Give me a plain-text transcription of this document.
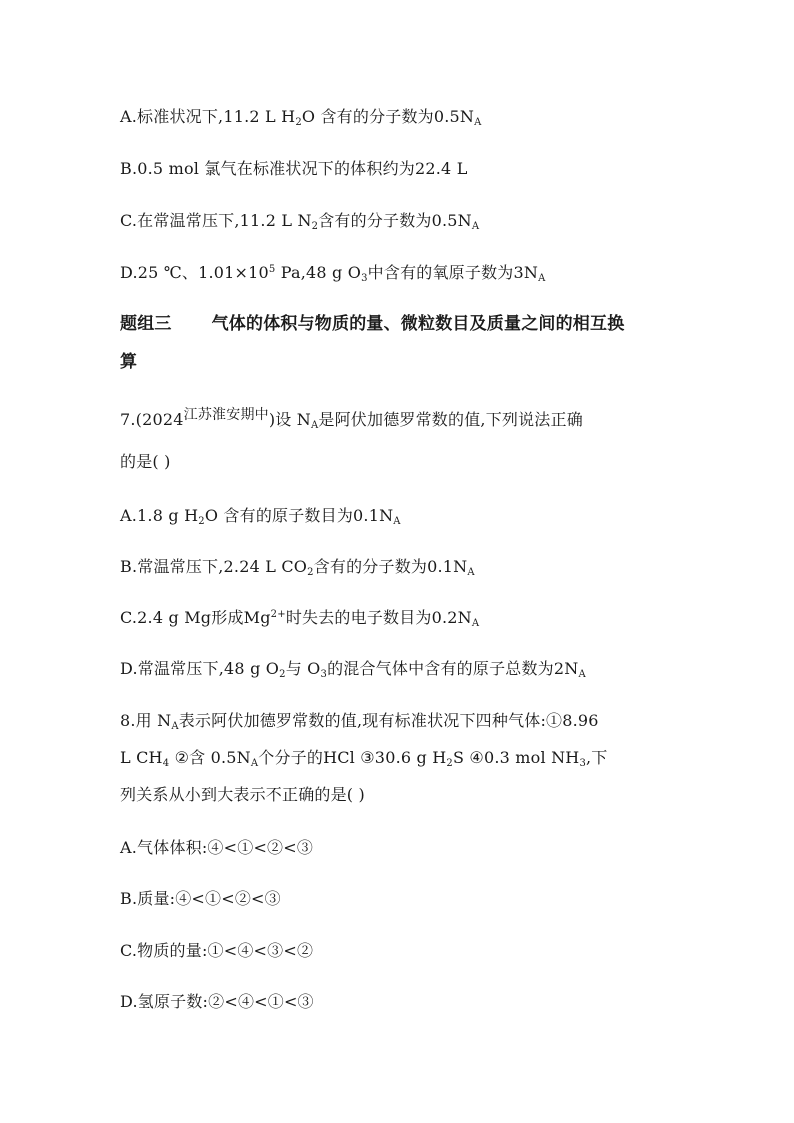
A.标准状况下,11.2 L $H_2O$ 含有的分子数为$0.5N_A$
B.0.5 mol 氯气在标准状况下的体积约为22.4 L
C.在常温常压下,11.2 L $N_2$含有的分子数为$0.5N_A$
D.25 ℃、$1.01\times 10^5$ Pa,48 g $O_3$中含有的氧原子数为$3N_A$
题组三 气体的体积与物质的量、微粒数目及质量之间的相互换
算
7.(2024江苏淮安期中)设 $N_A$是阿伏加德罗常数的值,下列说法正确
的是( )
A.1.8 g $H_2O$ 含有的原子数目为$0.1N_A$
B.常温常压下,2.24 L $CO_2$含有的分子数为$0.1N_A$
C.2.4 g Mg形成$Mg^{2+}$时失去的电子数目为$0.2N_A$
D.常温常压下,48 g $O_2$与 $O_3$的混合气体中含有的原子总数为$2N_A$
8.用 $N_A$表示阿伏加德罗常数的值,现有标准状况下四种气体:①8.96
L $CH_4$ ②含 $0.5N_A$个分子的HCl ③30.6 g $H_2S$ ④0.3 mol $NH_3$,下
列关系从小到大表示不正确的是( )
A.气体体积:④<①<②<③
B.质量:④<①<②<③
C.物质的量:①<④<③<②
D.氢原子数:②<④<①<③
